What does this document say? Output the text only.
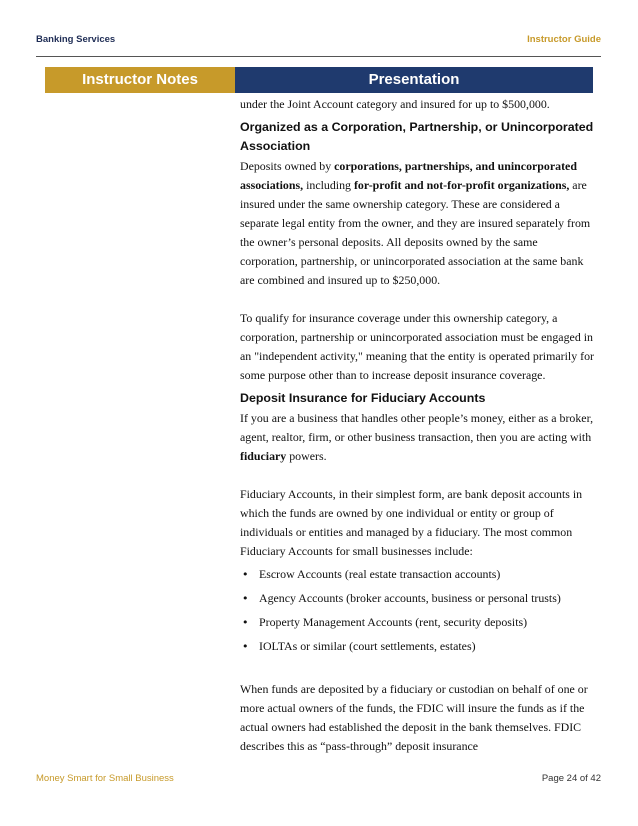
Banking Services	Instructor Guide
Instructor Notes	Presentation

under the Joint Account category and insured for up to $500,000.

Organized as a Corporation, Partnership, or Unincorporated Association

Deposits owned by corporations, partnerships, and unincorporated associations, including for-profit and not-for-profit organizations, are insured under the same ownership category. These are considered a separate legal entity from the owner, and they are insured separately from the owner’s personal deposits. All deposits owned by the same corporation, partnership, or unincorporated association at the same bank are combined and insured up to $250,000.

To qualify for insurance coverage under this ownership category, a corporation, partnership or unincorporated association must be engaged in an "independent activity," meaning that the entity is operated primarily for some purpose other than to increase deposit insurance coverage.

Deposit Insurance for Fiduciary Accounts

If you are a business that handles other people’s money, either as a broker, agent, realtor, firm, or other business transaction, then you are acting with fiduciary powers.

Fiduciary Accounts, in their simplest form, are bank deposit accounts in which the funds are owned by one individual or entity or group of individuals or entities and managed by a fiduciary. The most common Fiduciary Accounts for small businesses include:

• Escrow Accounts (real estate transaction accounts)
• Agency Accounts (broker accounts, business or personal trusts)
• Property Management Accounts (rent, security deposits)
• IOLTAs or similar (court settlements, estates)

When funds are deposited by a fiduciary or custodian on behalf of one or more actual owners of the funds, the FDIC will insure the funds as if the actual owners had established the deposit in the bank themselves. FDIC describes this as “pass-through” deposit insurance

Money Smart for Small Business	Page 24 of 42
